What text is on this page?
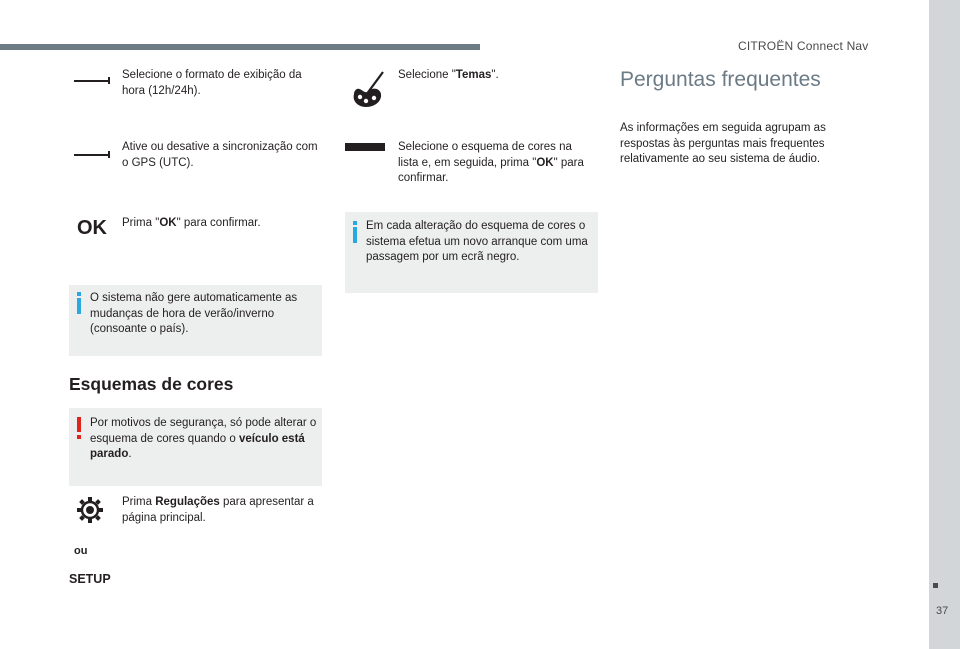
CITROËN Connect Nav
37
Selecione o formato de exibição da hora (12h/24h).
Ative ou desative a sincronização com o GPS (UTC).
OK Prima "OK" para confirmar.
O sistema não gere automaticamente as mudanças de hora de verão/inverno (consoante o país).
Esquemas de cores
Por motivos de segurança, só pode alterar o esquema de cores quando o veículo está parado.
Prima Regulações para apresentar a página principal.
ou
SETUP
Selecione "Temas".
Selecione o esquema de cores na lista e, em seguida, prima "OK" para confirmar.
Em cada alteração do esquema de cores o sistema efetua um novo arranque com uma passagem por um ecrã negro.
Perguntas frequentes
As informações em seguida agrupam as respostas às perguntas mais frequentes relativamente ao seu sistema de áudio.
